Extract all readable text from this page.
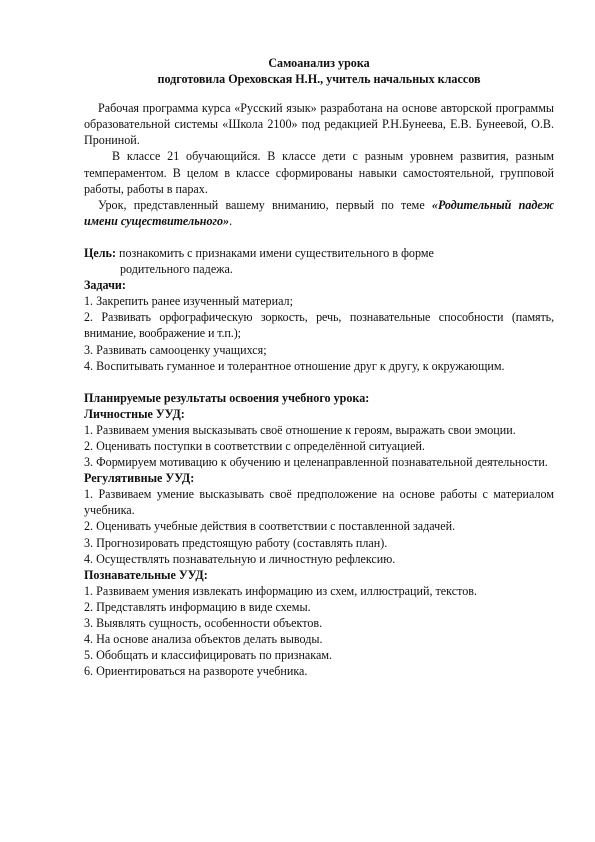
Самоанализ урока

подготовила Ореховская Н.Н., учитель начальных классов

Рабочая программа курса «Русский язык» разработана на основе авторской программы образовательной системы «Школа 2100» под редакцией Р.Н.Бунеева, Е.В. Бунеевой, О.В. Прониной.

В классе 21 обучающийся. В классе дети с разным уровнем развития, разным темпераментом. В целом в классе сформированы навыки самостоятельной, групповой работы, работы в парах.

Урок, представленный вашему вниманию, первый по теме «Родительный падеж имени существительного».

Цель: познакомить с признаками имени существительного в форме

родительного падежа.

Задачи:

1. Закрепить ранее изученный материал;

2. Развивать орфографическую зоркость, речь, познавательные способности (память, внимание, воображение и т.п.);

3. Развивать самооценку учащихся;

4. Воспитывать гуманное и толерантное отношение друг к другу, к окружающим.

Планируемые результаты освоения учебного урока:

Личностные УУД:

1. Развиваем умения высказывать своё отношение к героям, выражать свои эмоции.

2. Оценивать поступки в соответствии с определённой ситуацией.

3. Формируем мотивацию к обучению и целенаправленной познавательной деятельности.

Регулятивные УУД:

1. Развиваем умение высказывать своё предположение на основе работы с материалом учебника.

2. Оценивать учебные действия в соответствии с поставленной задачей.

3. Прогнозировать предстоящую работу (составлять план).

4. Осуществлять познавательную и личностную рефлексию.

Познавательные УУД:

1. Развиваем умения извлекать информацию из схем, иллюстраций, текстов.

2. Представлять информацию в виде схемы.

3. Выявлять сущность, особенности объектов.

4. На основе анализа объектов делать выводы.

5. Обобщать и классифицировать по признакам.

6. Ориентироваться на развороте учебника.
